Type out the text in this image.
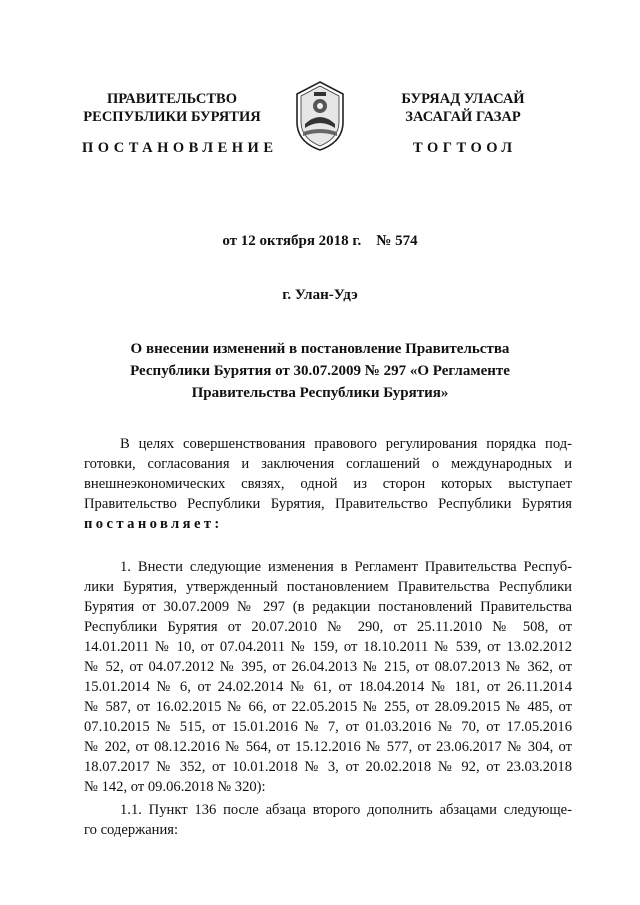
ПРАВИТЕЛЬСТВО
РЕСПУБЛИКИ БУРЯТИЯ
БУРЯАД УЛАСАЙ
ЗАСАГАЙ ГАЗАР
ПОСТАНОВЛЕНИЕ	ТОГТООЛ
от 12 октября 2018 г.    № 574
г. Улан-Удэ
О внесении изменений в постановление Правительства
Республики Бурятия от 30.07.2009 № 297 «О Регламенте
Правительства Республики Бурятия»
В целях совершенствования правового регулирования порядка под-
готовки, согласования и заключения соглашений о международных и
внешнеэкономических связях, одной из сторон которых выступает
Правительство Республики Бурятия, Правительство Республики Бурятия
постановляет:
1. Внести следующие изменения в Регламент Правительства Респуб-
лики Бурятия, утвержденный постановлением Правительства Республики
Бурятия от 30.07.2009 № 297 (в редакции постановлений Правительства
Республики Бурятия от 20.07.2010 № 290, от 25.11.2010 № 508, от
14.01.2011 № 10, от 07.04.2011 № 159, от 18.10.2011 № 539, от 13.02.2012
№ 52, от 04.07.2012 № 395, от 26.04.2013 № 215, от 08.07.2013 № 362, от
15.01.2014 № 6, от 24.02.2014 № 61, от 18.04.2014 № 181, от 26.11.2014
№ 587, от 16.02.2015 № 66, от 22.05.2015 № 255, от 28.09.2015 № 485, от
07.10.2015 № 515, от 15.01.2016 № 7, от 01.03.2016 № 70, от 17.05.2016
№ 202, от 08.12.2016 № 564, от 15.12.2016 № 577, от 23.06.2017 № 304, от
18.07.2017 № 352, от 10.01.2018 № 3, от 20.02.2018 № 92, от 23.03.2018
№ 142, от 09.06.2018 № 320):
1.1. Пункт 136 после абзаца второго дополнить абзацами следующе-
го содержания:
